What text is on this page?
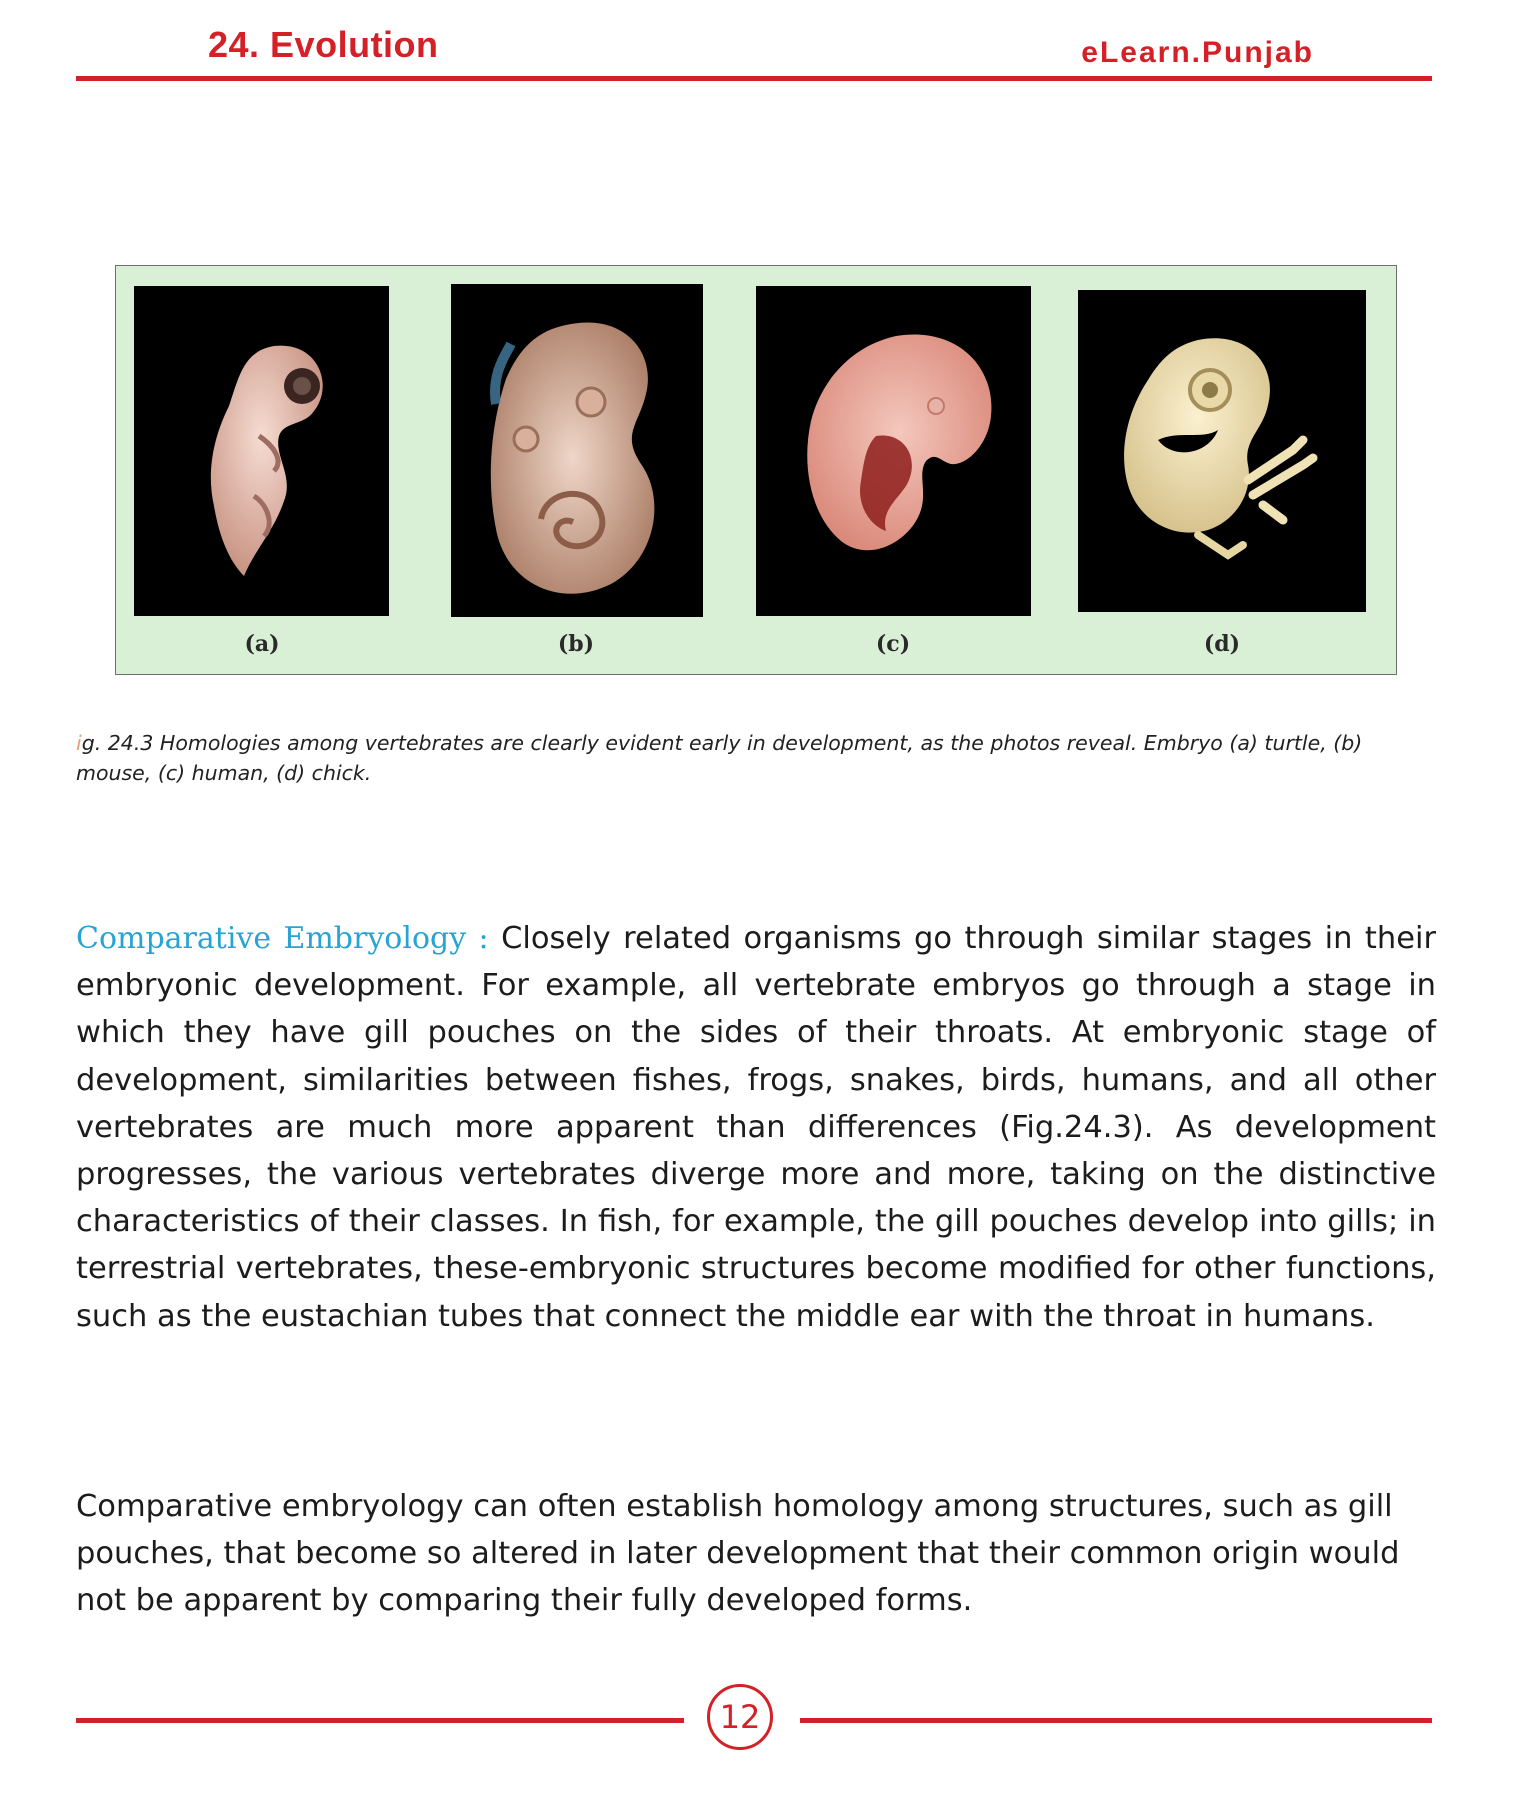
24. Evolution	eLearn.Punjab
(a)	(b)	(c)	(d)
ig. 24.3 Homologies among vertebrates are clearly evident early in development, as the photos reveal. Embryo (a) turtle, (b) mouse, (c) human, (d) chick.
Comparative Embryology : Closely related organisms go through similar stages in their embryonic development. For example, all vertebrate embryos go through a stage in which they have gill pouches on the sides of their throats. At embryonic stage of development, similarities between fishes, frogs, snakes, birds, humans, and all other vertebrates are much more apparent than differences (Fig.24.3). As development progresses, the various vertebrates diverge more and more, taking on the distinctive characteristics of their classes. In fish, for example, the gill pouches develop into gills; in terrestrial vertebrates, these-embryonic structures become modified for other functions, such as the eustachian tubes that connect the middle ear with the throat in humans.
Comparative embryology can often establish homology among structures, such as gill pouches, that become so altered in later development that their common origin would not be apparent by comparing their fully developed forms.
12
